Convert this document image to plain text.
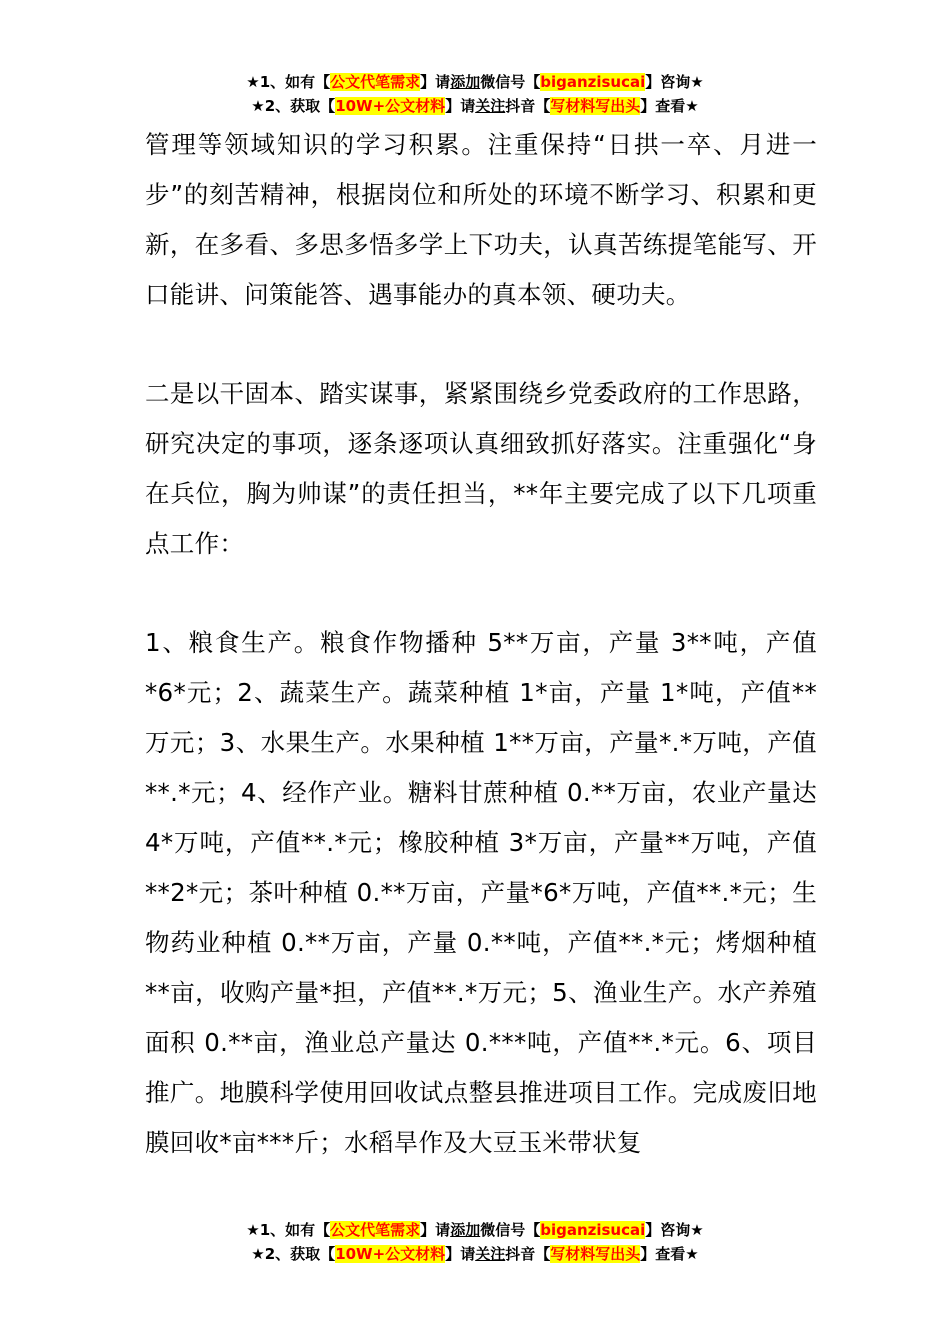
★1、如有【公文代笔需求】请添加微信号【biganzisucai】咨询★
★2、获取【10W+公文材料】请关注抖音【写材料写出头】查看★

管理等领域知识的学习积累。注重保持“日拱一卒、月进一步”的刻苦精神，根据岗位和所处的环境不断学习、积累和更新，在多看、多思多悟多学上下功夫，认真苦练提笔能写、开口能讲、问策能答、遇事能办的真本领、硬功夫。

二是以干固本、踏实谋事，紧紧围绕乡党委政府的工作思路，研究决定的事项，逐条逐项认真细致抓好落实。注重强化“身在兵位，胸为帅谋”的责任担当，**年主要完成了以下几项重点工作：

1、粮食生产。粮食作物播种 5**万亩，产量 3**吨，产值*6*元；2、蔬菜生产。蔬菜种植 1*亩，产量 1*吨，产值**万元；3、水果生产。水果种植 1**万亩，产量*.*万吨，产值**.*元；4、经作产业。糖料甘蔗种植 0.**万亩，农业产量达 4*万吨，产值**.*元；橡胶种植 3*万亩，产量**万吨，产值**2*元；茶叶种植 0.**万亩，产量*6*万吨，产值**.*元；生物药业种植 0.**万亩，产量 0.**吨，产值**.*元；烤烟种植**亩，收购产量*担，产值**.*万元；5、渔业生产。水产养殖面积 0.**亩，渔业总产量达 0.***吨，产值**.*元。6、项目推广。地膜科学使用回收试点整县推进项目工作。完成废旧地膜回收*亩***斤；水稻旱作及大豆玉米带状复

★1、如有【公文代笔需求】请添加微信号【biganzisucai】咨询★
★2、获取【10W+公文材料】请关注抖音【写材料写出头】查看★
